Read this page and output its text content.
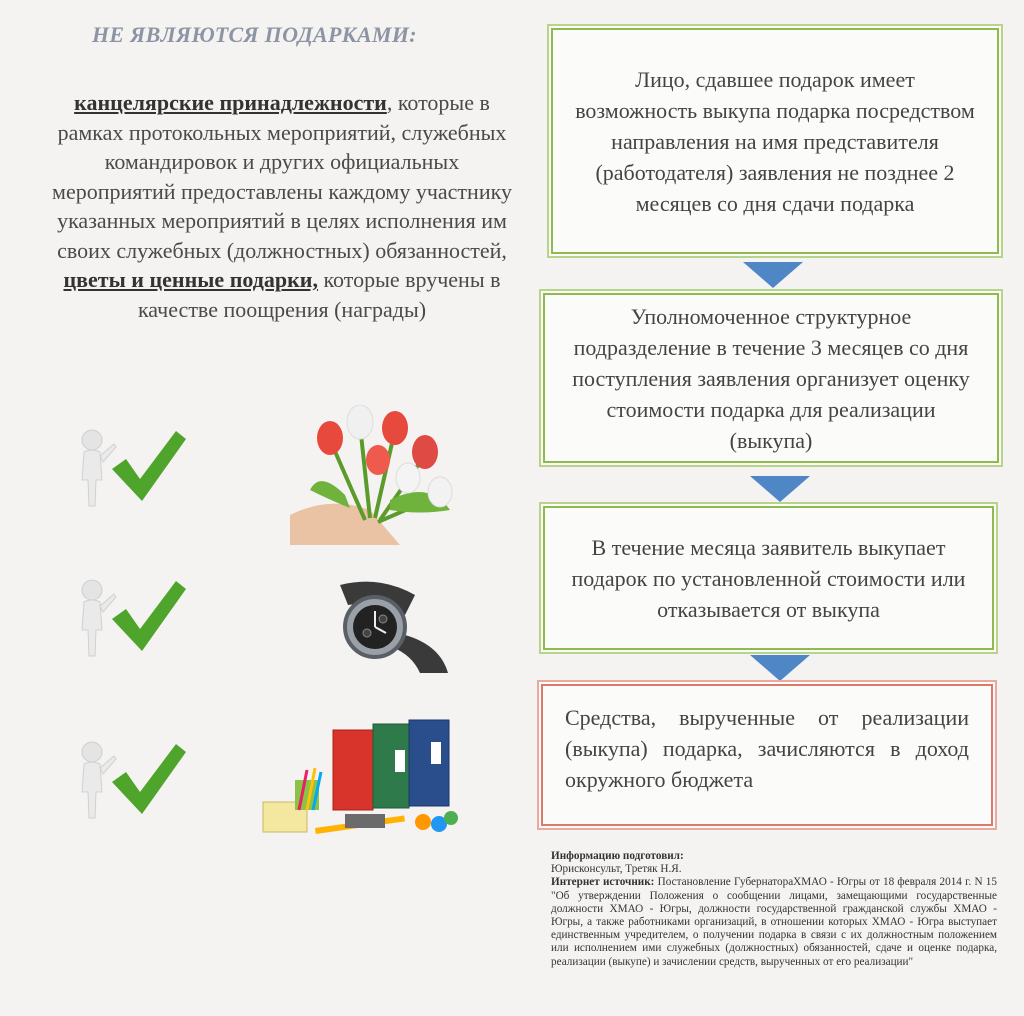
НЕ ЯВЛЯЮТСЯ ПОДАРКАМИ:
канцелярские принадлежности, которые в рамках протокольных мероприятий, служебных командировок и других официальных мероприятий предоставлены каждому участнику указанных мероприятий в целях исполнения им своих служебных (должностных) обязанностей, цветы и ценные подарки, которые вручены в качестве поощрения (награды)
Лицо, сдавшее подарок имеет возможность выкупа подарка посредством направления на имя представителя (работодателя) заявления не позднее 2 месяцев со дня сдачи подарка
Уполномоченное структурное подразделение в течение 3 месяцев со дня поступления заявления организует оценку стоимости подарка для реализации (выкупа)
В течение месяца заявитель выкупает подарок по установленной стоимости или отказывается от выкупа
Средства, вырученные от реализации (выкупа) подарка, зачисляются в доход окружного бюджета
Информацию подготовил:
Юрисконсульт, Третяк Н.Я.
Интернет источник: Постановление ГубернатораХМАО - Югры от 18 февраля 2014 г. N 15 "Об утверждении Положения о сообщении лицами, замещающими государственные должности ХМАО - Югры, должности государственной гражданской службы ХМАО - Югры, а также работниками организаций, в отношении которых ХМАО - Югра выступает единственным учредителем, о получении подарка в связи с их должностным положением или исполнением ими служебных (должностных) обязанностей, сдаче и оценке подарка, реализации (выкупе) и зачислении средств, вырученных от его реализации"
